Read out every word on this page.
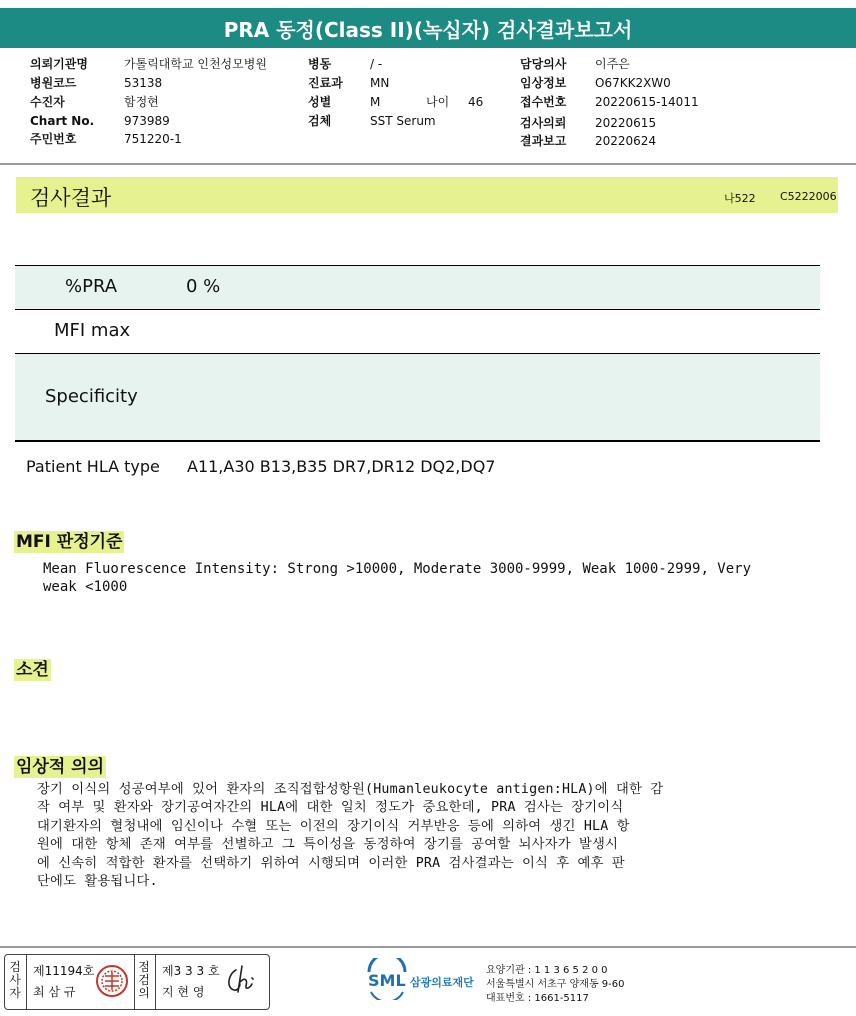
PRA 동정(Class II)(녹십자) 검사결과보고서
의뢰기관명
병원코드
수진자
Chart No.
주민번호
가톨릭대학교 인천성모병원
53138
함정현
973989
751220-1
병동
진료과
성별
검체
/ -
MN
M
SST Serum
나이 46
담당의사
임상정보
접수번호
검사의뢰
결과보고
이주은
O67KK2XW0
20220615-14011
20220615
20220624
검사결과	나522 C5222006
%PRA	0 %
MFI max
Specificity
Patient HLA type A11,A30 B13,B35 DR7,DR12 DQ2,DQ7
MFI 판정기준
Mean Fluorescence Intensity: Strong >10000, Moderate 3000-9999, Weak 1000-2999, Very
weak <1000
소견
임상적 의의
장기 이식의 성공여부에 있어 환자의 조직접합성항원(Humanleukocyte antigen:HLA)에 대한 감
작 여부 및 환자와 장기공여자간의 HLA에 대한 일치 정도가 중요한데, PRA 검사는 장기이식
대기환자의 혈청내에 임신이나 수혈 또는 이전의 장기이식 거부반응 등에 의하여 생긴 HLA 항
원에 대한 항체 존재 여부를 선별하고 그 특이성을 동정하여 장기를 공여할 뇌사자가 발생시
에 신속히 적합한 환자를 선택하기 위하여 시행되며 이러한 PRA 검사결과는 이식 후 예후 판
단에도 활용됩니다.
검
사
자
제11194호
최 삼 규
점
검
의
제3 3 3 호
지 현 영
SML 삼광의료재단
요양기관 : 1 1 3 6 5 2 0 0
서울특별시 서초구 양재동 9-60
대표번호 : 1661-5117
